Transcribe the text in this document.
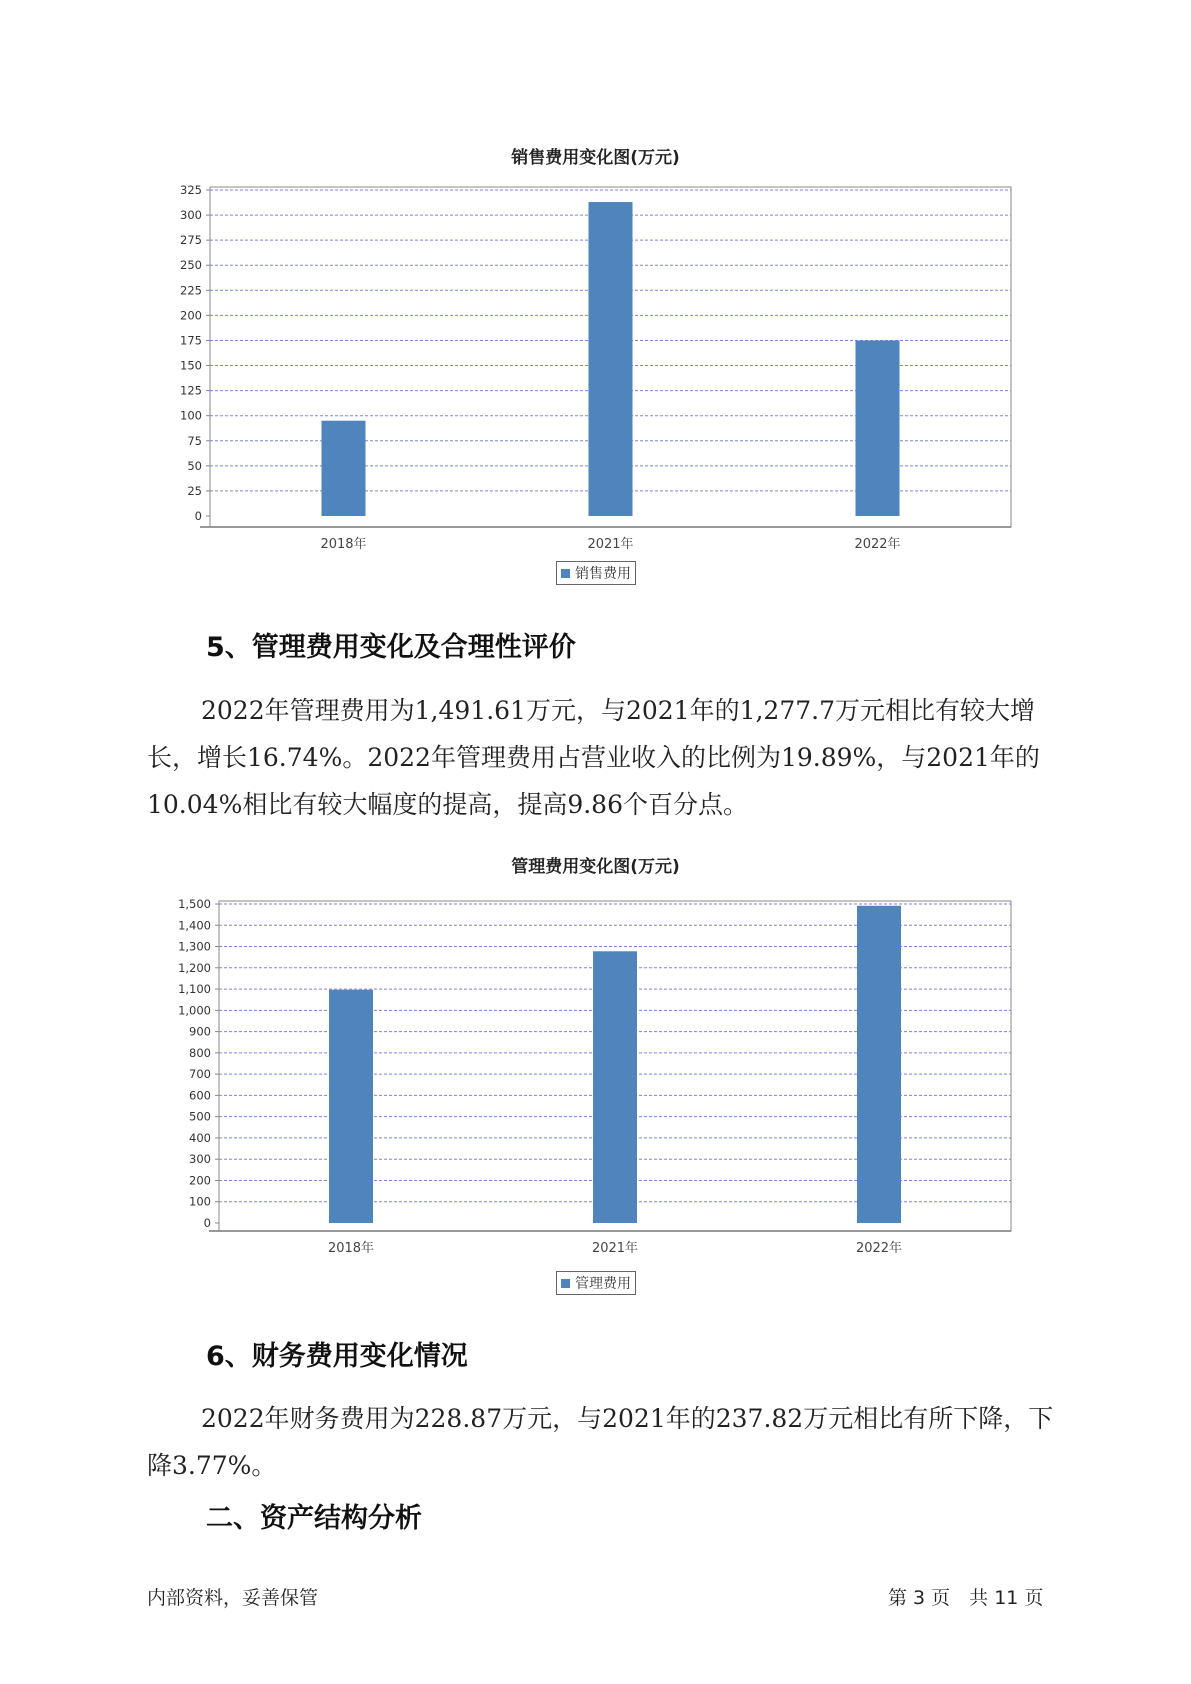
销售费用变化图(万元)
0
25
50
75
100
125
150
175
200
225
250
275
300
325
2018年	2021年	2022年
销售费用
5、管理费用变化及合理性评价

2022年管理费用为1,491.61万元，与2021年的1,277.7万元相比有较大增长，增长16.74%。2022年管理费用占营业收入的比例为19.89%，与2021年的10.04%相比有较大幅度的提高，提高9.86个百分点。

管理费用变化图(万元)
0
100
200
300
400
500
600
700
800
900
1,000
1,100
1,200
1,300
1,400
1,500
2018年	2021年	2022年
管理费用
6、财务费用变化情况

2022年财务费用为228.87万元，与2021年的237.82万元相比有所下降，下降3.77%。

二、资产结构分析
内部资料，妥善保管	第 3 页　共 11 页
